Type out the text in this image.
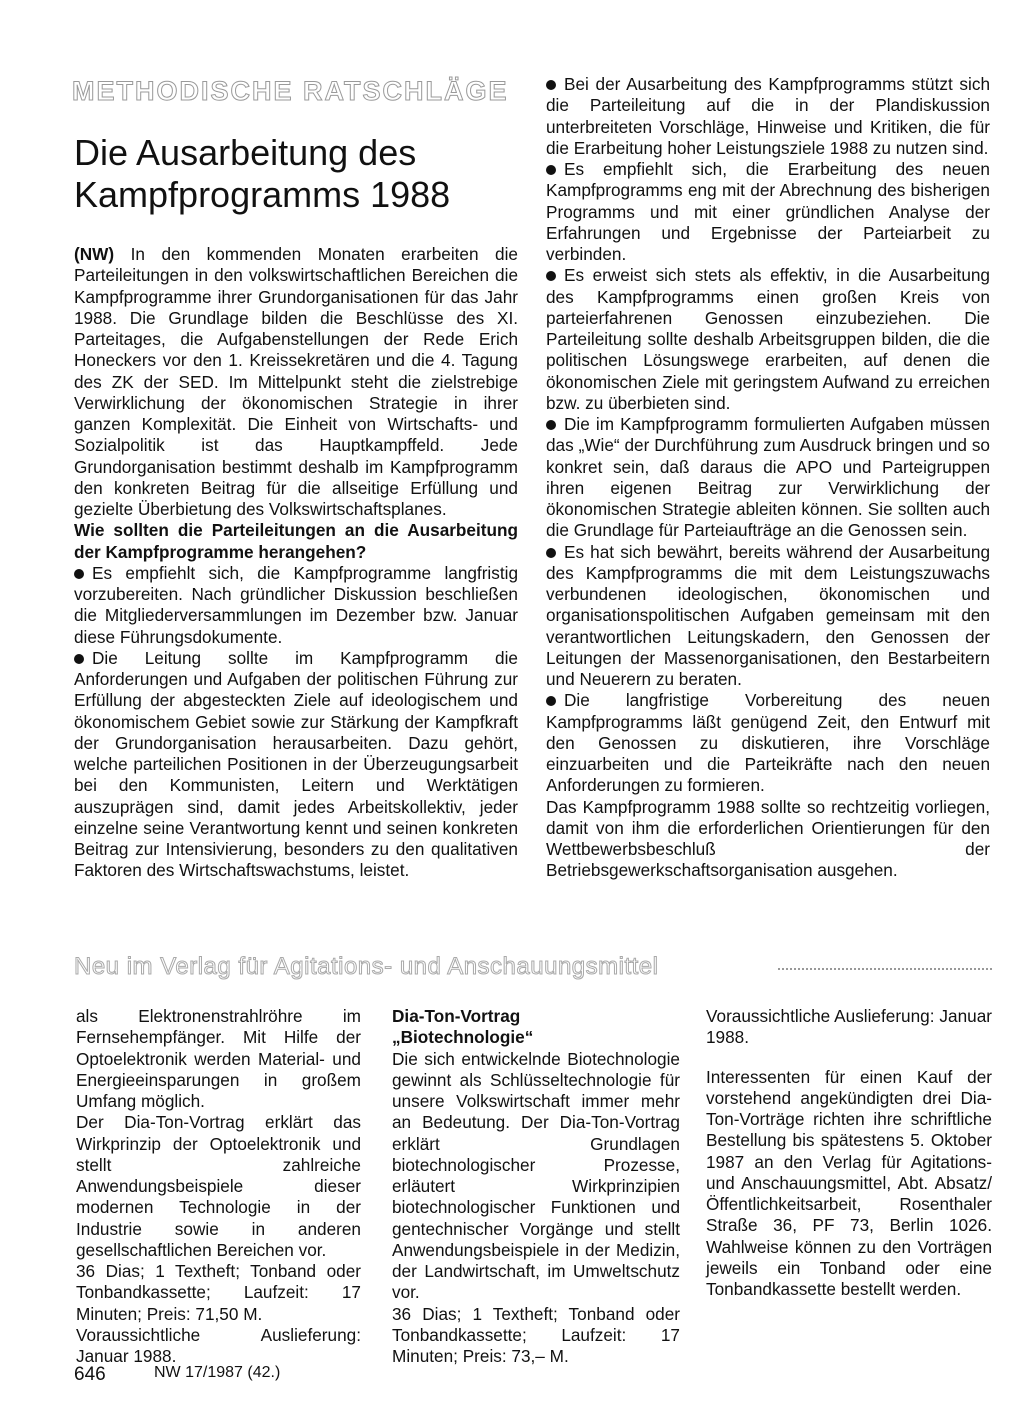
METHODISCHE RATSCHLÄGE
Die Ausarbeitung des Kampfprogramms 1988

(NW) In den kommenden Monaten erarbeiten die Parteileitungen in den volkswirtschaftlichen Bereichen die Kampfprogramme ihrer Grundorganisationen für das Jahr 1988. Die Grundlage bilden die Beschlüsse des XI. Parteitages, die Aufgabenstellungen der Rede Erich Honeckers vor den 1. Kreissekretären und die 4. Tagung des ZK der SED. Im Mittelpunkt steht die zielstrebige Verwirklichung der ökonomischen Strategie in ihrer ganzen Komplexität. Die Einheit von Wirtschafts- und Sozialpolitik ist das Hauptkampffeld. Jede Grundorganisation bestimmt deshalb im Kampfprogramm den konkreten Beitrag für die allseitige Erfüllung und gezielte Überbietung des Volkswirtschaftsplanes.

Wie sollten die Parteileitungen an die Ausarbeitung der Kampfprogramme herangehen?

Es empfiehlt sich, die Kampfprogramme langfristig vorzubereiten. Nach gründlicher Diskussion beschließen die Mitgliederversammlungen im Dezember bzw. Januar diese Führungsdokumente.

Die Leitung sollte im Kampfprogramm die Anforderungen und Aufgaben der politischen Führung zur Erfüllung der abgesteckten Ziele auf ideologischem und ökonomischem Gebiet sowie zur Stärkung der Kampfkraft der Grundorganisation herausarbeiten. Dazu gehört, welche parteilichen Positionen in der Überzeugungsarbeit bei den Kommunisten, Leitern und Werktätigen auszuprägen sind, damit jedes Arbeitskollektiv, jeder einzelne seine Verantwortung kennt und seinen konkreten Beitrag zur Intensivierung, besonders zu den qualitativen Faktoren des Wirtschaftswachstums, leistet.

Bei der Ausarbeitung des Kampfprogramms stützt sich die Parteileitung auf die in der Plandiskussion unterbreiteten Vorschläge, Hinweise und Kritiken, die für die Erarbeitung hoher Leistungsziele 1988 zu nutzen sind.

Es empfiehlt sich, die Erarbeitung des neuen Kampfprogramms eng mit der Abrechnung des bisherigen Programms und mit einer gründlichen Analyse der Erfahrungen und Ergebnisse der Parteiarbeit zu verbinden.

Es erweist sich stets als effektiv, in die Ausarbeitung des Kampfprogramms einen großen Kreis von parteierfahrenen Genossen einzubeziehen. Die Parteileitung sollte deshalb Arbeitsgruppen bilden, die die politischen Lösungswege erarbeiten, auf denen die ökonomischen Ziele mit geringstem Aufwand zu erreichen bzw. zu überbieten sind.

Die im Kampfprogramm formulierten Aufgaben müssen das „Wie“ der Durchführung zum Ausdruck bringen und so konkret sein, daß daraus die APO und Parteigruppen ihren eigenen Beitrag zur Verwirklichung der ökonomischen Strategie ableiten können. Sie sollten auch die Grundlage für Parteiaufträge an die Genossen sein.

Es hat sich bewährt, bereits während der Ausarbeitung des Kampfprogramms die mit dem Leistungszuwachs verbundenen ideologischen, ökonomischen und organisationspolitischen Aufgaben gemeinsam mit den verantwortlichen Leitungskadern, den Genossen der Leitungen der Massenorganisationen, den Bestarbeitern und Neuerern zu beraten.

Die langfristige Vorbereitung des neuen Kampfprogramms läßt genügend Zeit, den Entwurf mit den Genossen zu diskutieren, ihre Vorschläge einzuarbeiten und die Parteikräfte nach den neuen Anforderungen zu formieren.

Das Kampfprogramm 1988 sollte so rechtzeitig vorliegen, damit von ihm die erforderlichen Orientierungen für den Wettbewerbsbeschluß der Betriebsgewerkschaftsorganisation ausgehen.

Neu im Verlag für Agitations- und Anschauungsmittel

als Elektronenstrahlröhre im Fernsehempfänger. Mit Hilfe der Optoelektronik werden Material- und Energieeinsparungen in großem Umfang möglich.

Der Dia-Ton-Vortrag erklärt das Wirkprinzip der Optoelektronik und stellt zahlreiche Anwendungsbeispiele dieser modernen Technologie in der Industrie sowie in anderen gesellschaftlichen Bereichen vor.

36 Dias; 1 Textheft; Tonband oder Tonbandkassette; Laufzeit: 17 Minuten; Preis: 71,50 M.

Voraussichtliche Auslieferung: Januar 1988.

Dia-Ton-Vortrag

„Biotechnologie“

Die sich entwickelnde Biotechnologie gewinnt als Schlüsseltechnologie für unsere Volkswirtschaft immer mehr an Bedeutung. Der Dia-Ton-Vortrag erklärt Grundlagen biotechnologischer Prozesse, erläutert Wirkprinzipien biotechnologischer Funktionen und gentechnischer Vorgänge und stellt Anwendungsbeispiele in der Medizin, der Landwirtschaft, im Umweltschutz vor.

36 Dias; 1 Textheft; Tonband oder Tonbandkassette; Laufzeit: 17 Minuten; Preis: 73,– M.

Voraussichtliche Auslieferung: Januar 1988.

Interessenten für einen Kauf der vorstehend angekündigten drei Dia-Ton-Vorträge richten ihre schriftliche Bestellung bis spätestens 5. Oktober 1987 an den Verlag für Agitations- und Anschauungsmittel, Abt. Absatz/Öffentlichkeitsarbeit, Rosenthaler Straße 36, PF 73, Berlin 1026. Wahlweise können zu den Vorträgen jeweils ein Tonband oder eine Tonbandkassette bestellt werden.

646	NW 17/1987 (42.)
